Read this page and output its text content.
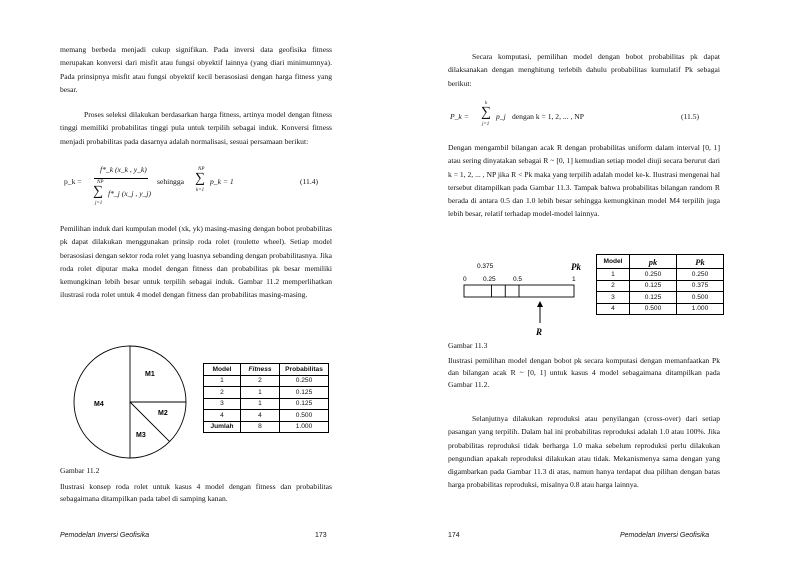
memang berbeda menjadi cukup signifikan. Pada inversi data geofisika fitness merupakan konversi dari misfit atau fungsi obyektif lainnya (yang diari minimumnya). Pada prinsipnya misfit atau fungsi obyektif kecil berasosiasi dengan harga fitness yang besar.

Proses seleksi dilakukan berdasarkan harga fitness, artinya model dengan fitness tinggi memiliki probabilitas tinggi pula untuk terpilih sebagai induk. Konversi fitness menjadi probabilitas pada dasarnya adalah normalisasi, sesuai persamaan berikut:

p_k =
f*_k (x_k , y_k)
NP
∑
j=1
f*_j (x_j , y_j)
sehingga
NP
∑
k=1
p_k = 1	(11.4)

Pemilihan induk dari kumpulan model (xk, yk) masing-masing dengan bobot probabilitas pk dapat dilakukan menggunakan prinsip roda rolet (roulette wheel). Setiap model berasosiasi dengan sektor roda rolet yang luasnya sebanding dengan probabilitasnya. Jika roda rolet diputar maka model dengan fitness dan probabilitas pk besar memiliki kemungkinan lebih besar untuk terpilih sebagai induk. Gambar 11.2 memperlihatkan ilustrasi roda rolet untuk 4 model dengan fitness dan probabilitas masing-masing.

M1
M2
M3
M4
Model	Fitness	Probabilitas
1	2	0.250
2	1	0.125
3	1	0.125
4	4	0.500
Jumlah	8	1.000
Gambar 11.2

Ilustrasi konsep roda rolet untuk kasus 4 model dengan fitness dan probabilitas sebagaimana ditampilkan pada tabel di samping kanan.

Pemodelan Inversi Geofisika	173

Secara komputasi, pemilihan model dengan bobot probabilitas pk dapat dilaksanakan dengan menghitung terlebih dahulu probabilitas kumulatif Pk sebagai berikut:

P_k =
k
∑
j=1
p_j dengan k = 1, 2, ... , NP	(11.5)

Dengan mengambil bilangan acak R dengan probabilitas uniform dalam interval [0, 1] atau sering dinyatakan sebagai R ~ [0, 1] kemudian setiap model diuji secara berurut dari k = 1, 2, ... , NP jika R < Pk maka yang terpilih adalah model ke-k. Ilustrasi mengenai hal tersebut ditampilkan pada Gambar 11.3. Tampak bahwa probabilitas bilangan random R berada di antara 0.5 dan 1.0 lebih besar sehingga kemungkinan model M4 terpilih juga lebih besar, relatif terhadap model-model lainnya.

0.375	Pk
0	0.25	0.5	1
R
Model	pk	Pk
1	0.250	0.250
2	0.125	0.375
3	0.125	0.500
4	0.500	1.000
Gambar 11.3

Ilustrasi pemilihan model dengan bobot pk secara komputasi dengan memanfaatkan Pk dan bilangan acak R ~ [0, 1] untuk kasus 4 model sebagaimana ditampilkan pada Gambar 11.2.

Selanjutnya dilakukan reproduksi atau penyilangan (cross-over) dari setiap pasangan yang terpilih. Dalam hal ini probabilitas reproduksi adalah 1.0 atau 100%. Jika probabilitas reproduksi tidak berharga 1.0 maka sebelum reproduksi perlu dilakukan pengundian apakah reproduksi dilakukan atau tidak. Mekanismenya sama dengan yang digambarkan pada Gambar 11.3 di atas, namun hanya terdapat dua pilihan dengan batas harga probabilitas reproduksi, misalnya 0.8 atau harga lainnya.

174	Pemodelan Inversi Geofisika
